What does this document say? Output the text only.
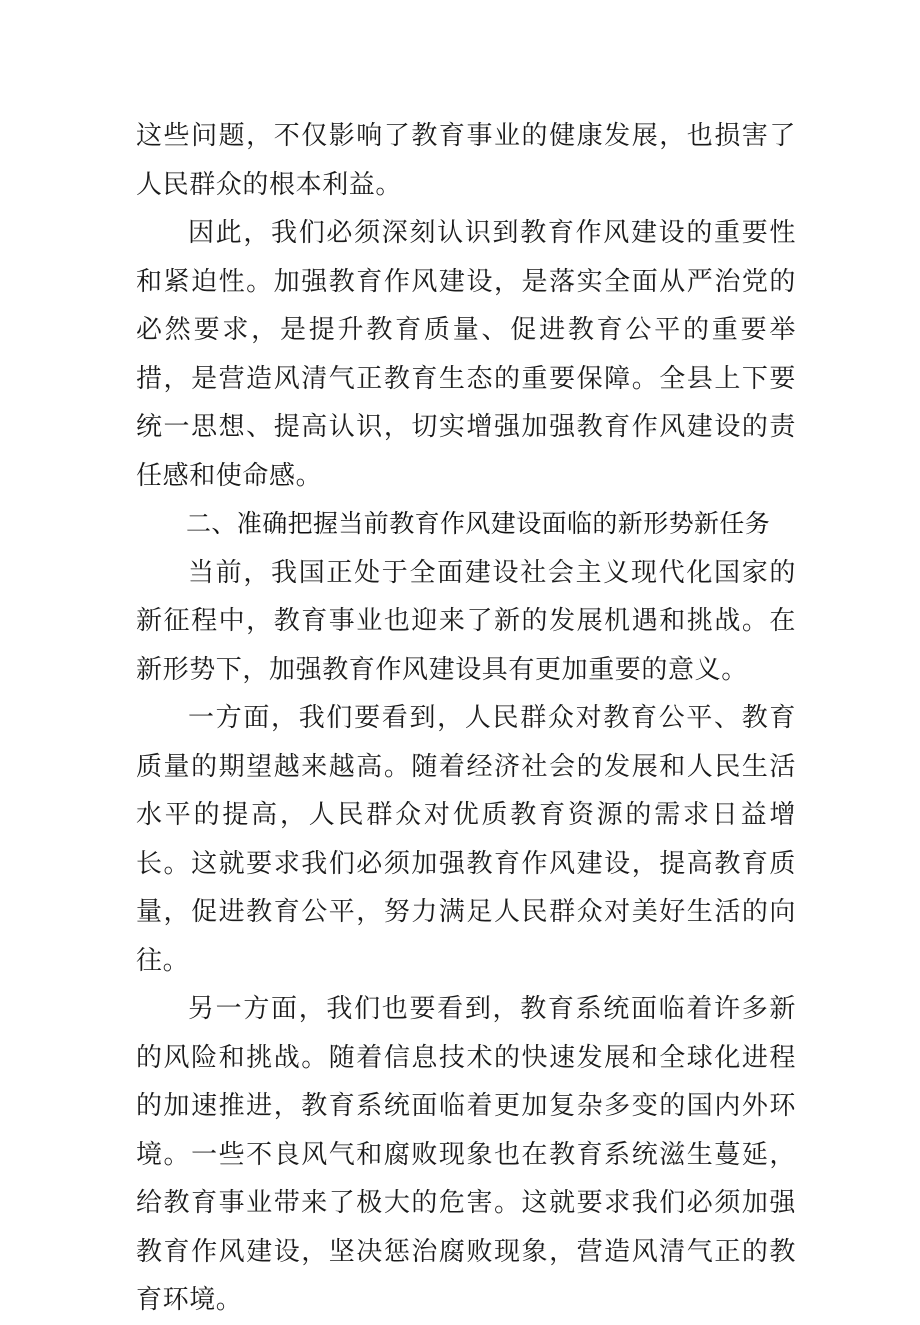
这些问题，不仅影响了教育事业的健康发展，也损害了人民群众的根本利益。

因此，我们必须深刻认识到教育作风建设的重要性和紧迫性。加强教育作风建设，是落实全面从严治党的必然要求，是提升教育质量、促进教育公平的重要举措，是营造风清气正教育生态的重要保障。全县上下要统一思想、提高认识，切实增强加强教育作风建设的责任感和使命感。

二、准确把握当前教育作风建设面临的新形势新任务

当前，我国正处于全面建设社会主义现代化国家的新征程中，教育事业也迎来了新的发展机遇和挑战。在新形势下，加强教育作风建设具有更加重要的意义。

一方面，我们要看到，人民群众对教育公平、教育质量的期望越来越高。随着经济社会的发展和人民生活水平的提高，人民群众对优质教育资源的需求日益增长。这就要求我们必须加强教育作风建设，提高教育质量，促进教育公平，努力满足人民群众对美好生活的向往。

另一方面，我们也要看到，教育系统面临着许多新的风险和挑战。随着信息技术的快速发展和全球化进程的加速推进，教育系统面临着更加复杂多变的国内外环境。一些不良风气和腐败现象也在教育系统滋生蔓延，给教育事业带来了极大的危害。这就要求我们必须加强教育作风建设，坚决惩治腐败现象，营造风清气正的教育环境。
